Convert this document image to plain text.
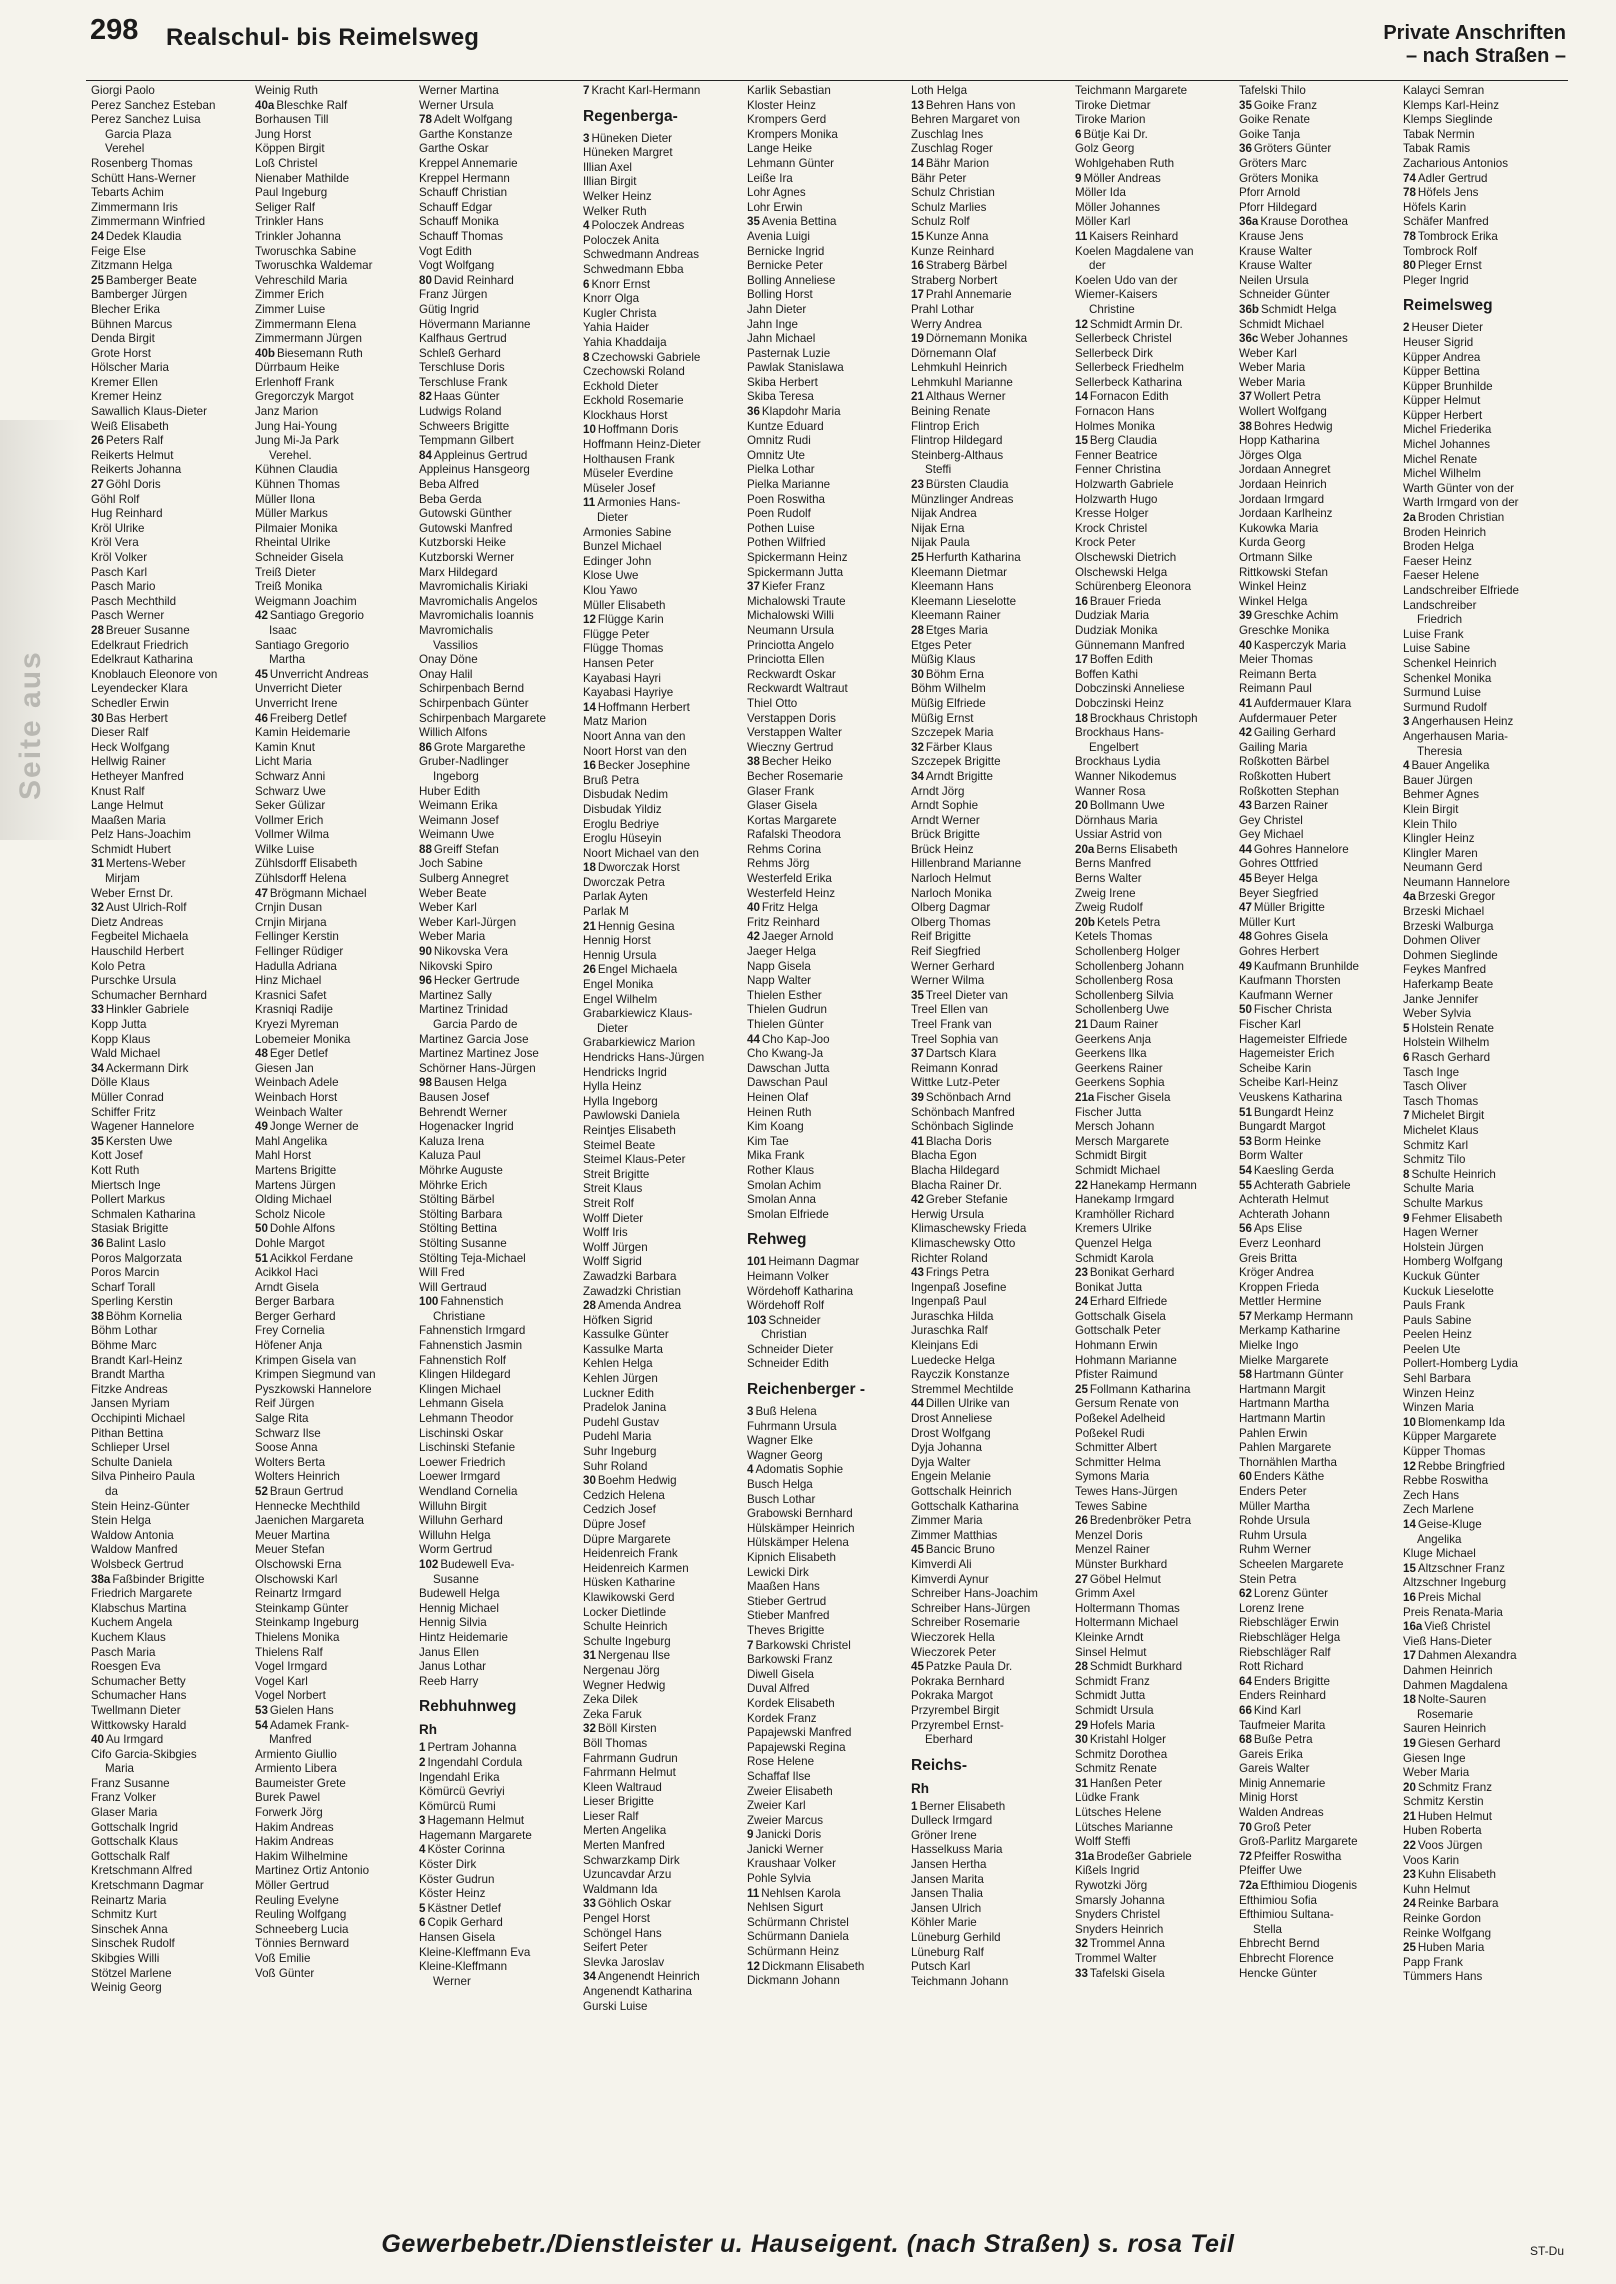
Seite aus
298 Realschul- bis Reimelsweg	Private Anschriften
– nach Straßen –
Giorgi Paolo
Perez Sanchez Esteban
Perez Sanchez Luisa
Garcia Plaza
Verehel
Rosenberg Thomas
Schütt Hans-Werner
Tebarts Achim
Zimmermann Iris
Zimmermann Winfried
24 Dedek Klaudia
Feige Else
Zitzmann Helga
25 Bamberger Beate
Bamberger Jürgen
Blecher Erika
Bühnen Marcus
Denda Birgit
Grote Horst
Hölscher Maria
Kremer Ellen
Kremer Heinz
Sawallich Klaus-Dieter
Weiß Elisabeth
26 Peters Ralf
Reikerts Helmut
Reikerts Johanna
27 Göhl Doris
Göhl Rolf
Hug Reinhard
Kröl Ulrike
Kröl Vera
Kröl Volker
Pasch Karl
Pasch Mario
Pasch Mechthild
Pasch Werner
28 Breuer Susanne
Edelkraut Friedrich
Edelkraut Katharina
Knoblauch Eleonore von
Leyendecker Klara
Schedler Erwin
30 Bas Herbert
Dieser Ralf
Heck Wolfgang
Hellwig Rainer
Hetheyer Manfred
Knust Ralf
Lange Helmut
Maaßen Maria
Pelz Hans-Joachim
Schmidt Hubert
31 Mertens-Weber
Mirjam
Weber Ernst Dr.
32 Aust Ulrich-Rolf
Dietz Andreas
Fegbeitel Michaela
Hauschild Herbert
Kolo Petra
Purschke Ursula
Schumacher Bernhard
33 Hinkler Gabriele
Kopp Jutta
Kopp Klaus
Wald Michael
34 Ackermann Dirk
Dölle Klaus
Müller Conrad
Schiffer Fritz
Wagener Hannelore
35 Kersten Uwe
Kott Josef
Kott Ruth
Miertsch Inge
Pollert Markus
Schmalen Katharina
Stasiak Brigitte
36 Balint Laslo
Poros Malgorzata
Poros Marcin
Scharf Torall
Sperling Kerstin
38 Böhm Kornelia
Böhm Lothar
Böhme Marc
Brandt Karl-Heinz
Brandt Martha
Fitzke Andreas
Jansen Myriam
Occhipinti Michael
Pithan Bettina
Schlieper Ursel
Schulte Daniela
Silva Pinheiro Paula
da
Stein Heinz-Günter
Stein Helga
Waldow Antonia
Waldow Manfred
Wolsbeck Gertrud
38a Faßbinder Brigitte
Friedrich Margarete
Klabschus Martina
Kuchem Angela
Kuchem Klaus
Pasch Maria
Roesgen Eva
Schumacher Betty
Schumacher Hans
Twellmann Dieter
Wittkowsky Harald
40 Au Irmgard
Cifo Garcia-Skibgies
Maria
Franz Susanne
Franz Volker
Glaser Maria
Gottschalk Ingrid
Gottschalk Klaus
Gottschalk Ralf
Kretschmann Alfred
Kretschmann Dagmar
Reinartz Maria
Schmitz Kurt
Sinschek Anna
Sinschek Rudolf
Skibgies Willi
Stötzel Marlene
Weinig Georg
Weinig Ruth
40a Bleschke Ralf
Borhausen Till
Jung Horst
Köppen Birgit
Loß Christel
Nienaber Mathilde
Paul Ingeburg
Seliger Ralf
Trinkler Hans
Trinkler Johanna
Tworuschka Sabine
Tworuschka Waldemar
Vehreschild Maria
Zimmer Erich
Zimmer Luise
Zimmermann Elena
Zimmermann Jürgen
40b Biesemann Ruth
Dürrbaum Heike
Erlenhoff Frank
Gregorczyk Margot
Janz Marion
Jung Hai-Young
Jung Mi-Ja Park
Verehel.
Kühnen Claudia
Kühnen Thomas
Müller Ilona
Müller Markus
Pilmaier Monika
Rheintal Ulrike
Schneider Gisela
Treiß Dieter
Treiß Monika
Weigmann Joachim
42 Santiago Gregorio
Isaac
Santiago Gregorio
Martha
45 Unverricht Andreas
Unverricht Dieter
Unverricht Irene
46 Freiberg Detlef
Kamin Heidemarie
Kamin Knut
Licht Maria
Schwarz Anni
Schwarz Uwe
Seker Gülizar
Vollmer Erich
Vollmer Wilma
Wilke Luise
Zühlsdorff Elisabeth
Zühlsdorff Helena
47 Brögmann Michael
Crnjin Dusan
Crnjin Mirjana
Fellinger Kerstin
Fellinger Rüdiger
Hadulla Adriana
Hinz Michael
Krasnici Safet
Krasniqi Radije
Kryezi Myreman
Lobemeier Monika
48 Eger Detlef
Giesen Jan
Weinbach Adele
Weinbach Horst
Weinbach Walter
49 Jonge Werner de
Mahl Angelika
Mahl Horst
Martens Brigitte
Martens Jürgen
Olding Michael
Scholz Nicole
50 Dohle Alfons
Dohle Margot
51 Acikkol Ferdane
Acikkol Haci
Arndt Gisela
Berger Barbara
Berger Gerhard
Frey Cornelia
Höfener Anja
Krimpen Gisela van
Krimpen Siegmund van
Pyszkowski Hannelore
Reif Jürgen
Salge Rita
Schwarz Ilse
Soose Anna
Wolters Berta
Wolters Heinrich
52 Braun Gertrud
Hennecke Mechthild
Jaenichen Margareta
Meuer Martina
Meuer Stefan
Olschowski Erna
Olschowski Karl
Reinartz Irmgard
Steinkamp Günter
Steinkamp Ingeburg
Thielens Monika
Thielens Ralf
Vogel Irmgard
Vogel Karl
Vogel Norbert
53 Gielen Hans
54 Adamek Frank-
Manfred
Armiento Giullio
Armiento Libera
Baumeister Grete
Burek Pawel
Forwerk Jörg
Hakim Andreas
Hakim Andreas
Hakim Wilhelmine
Martinez Ortiz Antonio
Möller Gertrud
Reuling Evelyne
Reuling Wolfgang
Schneeberg Lucia
Tönnies Bernward
Voß Emilie
Voß Günter
Werner Martina
Werner Ursula
78 Adelt Wolfgang
Garthe Konstanze
Garthe Oskar
Kreppel Annemarie
Kreppel Hermann
Schauff Christian
Schauff Edgar
Schauff Monika
Schauff Thomas
Vogt Edith
Vogt Wolfgang
80 David Reinhard
Franz Jürgen
Gütig Ingrid
Hövermann Marianne
Kalfhaus Gertrud
Schleß Gerhard
Terschluse Doris
Terschluse Frank
82 Haas Günter
Ludwigs Roland
Schweers Brigitte
Tempmann Gilbert
84 Appleinus Gertrud
Appleinus Hansgeorg
Beba Alfred
Beba Gerda
Gutowski Günther
Gutowski Manfred
Kutzborski Heike
Kutzborski Werner
Marx Hildegard
Mavromichalis Kiriaki
Mavromichalis Angelos
Mavromichalis Ioannis
Mavromichalis
Vassilios
Onay Döne
Onay Halil
Schirpenbach Bernd
Schirpenbach Günter
Schirpenbach Margarete
Willich Alfons
86 Grote Margarethe
Gruber-Nadlinger
Ingeborg
Huber Edith
Weimann Erika
Weimann Josef
Weimann Uwe
88 Greiff Stefan
Joch Sabine
Sulberg Annegret
Weber Beate
Weber Karl
Weber Karl-Jürgen
Weber Maria
90 Nikovska Vera
Nikovski Spiro
96 Hecker Gertrude
Martinez Sally
Martinez Trinidad
Garcia Pardo de
Martinez Garcia Jose
Martinez Martinez Jose
Schörner Hans-Jürgen
98 Bausen Helga
Bausen Josef
Behrendt Werner
Hogenacker Ingrid
Kaluza Irena
Kaluza Paul
Möhrke Auguste
Möhrke Erich
Stölting Bärbel
Stölting Barbara
Stölting Bettina
Stölting Susanne
Stölting Teja-Michael
Will Fred
Will Gertraud
100 Fahnenstich
Christiane
Fahnenstich Irmgard
Fahnenstich Jasmin
Fahnenstich Rolf
Klingen Hildegard
Klingen Michael
Lehmann Gisela
Lehmann Theodor
Lischinski Oskar
Lischinski Stefanie
Loewer Friedrich
Loewer Irmgard
Wendland Cornelia
Willuhn Birgit
Willuhn Gerhard
Willuhn Helga
Worm Gertrud
102 Budewell Eva-
Susanne
Budewell Helga
Hennig Michael
Hennig Silvia
Hintz Heidemarie
Janus Ellen
Janus Lothar
Reeb Harry
Rebhuhnweg
Rh
1 Pertram Johanna
2 Ingendahl Cordula
Ingendahl Erika
Kömürcü Gevriyi
Kömürcü Rumi
3 Hagemann Helmut
Hagemann Margarete
4 Köster Corinna
Köster Dirk
Köster Gudrun
Köster Heinz
5 Kästner Detlef
6 Copik Gerhard
Hansen Gisela
Kleine-Kleffmann Eva
Kleine-Kleffmann
Werner
7 Kracht Karl-Hermann
Regenberga-
3 Hüneken Dieter
Hüneken Margret
Illian Axel
Illian Birgit
Welker Heinz
Welker Ruth
4 Poloczek Andreas
Poloczek Anita
Schwedmann Andreas
Schwedmann Ebba
6 Knorr Ernst
Knorr Olga
Kugler Christa
Yahia Haider
Yahia Khaddaija
8 Czechowski Gabriele
Czechowski Roland
Eckhold Dieter
Eckhold Rosemarie
Klockhaus Horst
10 Hoffmann Doris
Hoffmann Heinz-Dieter
Holthausen Frank
Müseler Everdine
Müseler Josef
11 Armonies Hans-
Dieter
Armonies Sabine
Bunzel Michael
Edinger John
Klose Uwe
Klou Yawo
Müller Elisabeth
12 Flügge Karin
Flügge Peter
Flügge Thomas
Hansen Peter
Kayabasi Hayri
Kayabasi Hayriye
14 Hoffmann Herbert
Matz Marion
Noort Anna van den
Noort Horst van den
16 Becker Josephine
Bruß Petra
Disbudak Nedim
Disbudak Yildiz
Eroglu Bedriye
Eroglu Hüseyin
Noort Michael van den
18 Dworczak Horst
Dworczak Petra
Parlak Ayten
Parlak M
21 Hennig Gesina
Hennig Horst
Hennig Ursula
26 Engel Michaela
Engel Monika
Engel Wilhelm
Grabarkiewicz Klaus-
Dieter
Grabarkiewicz Marion
Hendricks Hans-Jürgen
Hendricks Ingrid
Hylla Heinz
Hylla Ingeborg
Pawlowski Daniela
Reintjes Elisabeth
Steimel Beate
Steimel Klaus-Peter
Streit Brigitte
Streit Klaus
Streit Rolf
Wolff Dieter
Wolff Iris
Wolff Jürgen
Wolff Sigrid
Zawadzki Barbara
Zawadzki Christian
28 Amenda Andrea
Höfken Sigrid
Kassulke Günter
Kassulke Marta
Kehlen Helga
Kehlen Jürgen
Luckner Edith
Pradelok Janina
Pudehl Gustav
Pudehl Maria
Suhr Ingeburg
Suhr Roland
30 Boehm Hedwig
Cedzich Helena
Cedzich Josef
Düpre Josef
Düpre Margarete
Heidenreich Frank
Heidenreich Karmen
Hüsken Katharine
Klawikowski Gerd
Locker Dietlinde
Schulte Heinrich
Schulte Ingeburg
31 Nergenau Ilse
Nergenau Jörg
Wegner Hedwig
Zeka Dilek
Zeka Faruk
32 Böll Kirsten
Böll Thomas
Fahrmann Gudrun
Fahrmann Helmut
Kleen Waltraud
Lieser Brigitte
Lieser Ralf
Merten Angelika
Merten Manfred
Schwarzkamp Dirk
Uzuncavdar Arzu
Waldmann Ida
33 Göhlich Oskar
Pengel Horst
Schöngel Hans
Seifert Peter
Slevka Jaroslav
34 Angenendt Heinrich
Angenendt Katharina
Gurski Luise
Karlik Sebastian
Kloster Heinz
Krompers Gerd
Krompers Monika
Lange Heike
Lehmann Günter
Leiße Ira
Lohr Agnes
Lohr Erwin
35 Avenia Bettina
Avenia Luigi
Bernicke Ingrid
Bernicke Peter
Bolling Anneliese
Bolling Horst
Jahn Dieter
Jahn Inge
Jahn Michael
Pasternak Luzie
Pawlak Stanislawa
Skiba Herbert
Skiba Teresa
36 Klapdohr Maria
Kuntze Eduard
Omnitz Rudi
Omnitz Ute
Pielka Lothar
Pielka Marianne
Poen Roswitha
Poen Rudolf
Pothen Luise
Pothen Wilfried
Spickermann Heinz
Spickermann Jutta
37 Kiefer Franz
Michalowski Traute
Michalowski Willi
Neumann Ursula
Princiotta Angelo
Princiotta Ellen
Reckwardt Oskar
Reckwardt Waltraut
Thiel Otto
Verstappen Doris
Verstappen Walter
Wieczny Gertrud
38 Becher Heiko
Becher Rosemarie
Glaser Frank
Glaser Gisela
Kortas Margarete
Rafalski Theodora
Rehms Corina
Rehms Jörg
Westerfeld Erika
Westerfeld Heinz
40 Fritz Helga
Fritz Reinhard
42 Jaeger Arnold
Jaeger Helga
Napp Gisela
Napp Walter
Thielen Esther
Thielen Gudrun
Thielen Günter
44 Cho Kap-Joo
Cho Kwang-Ja
Dawschan Jutta
Dawschan Paul
Heinen Olaf
Heinen Ruth
Kim Koang
Kim Tae
Mika Frank
Rother Klaus
Smolan Achim
Smolan Anna
Smolan Elfriede
Rehweg
101 Heimann Dagmar
Heimann Volker
Wördehoff Katharina
Wördehoff Rolf
103 Schneider
Christian
Schneider Dieter
Schneider Edith
Reichenberger -
3 Buß Helena
Fuhrmann Ursula
Wagner Elke
Wagner Georg
4 Adomatis Sophie
Busch Helga
Busch Lothar
Grabowski Bernhard
Hülskämper Heinrich
Hülskämper Helena
Kipnich Elisabeth
Lewicki Dirk
Maaßen Hans
Stieber Gertrud
Stieber Manfred
Theves Brigitte
7 Barkowski Christel
Barkowski Franz
Diwell Gisela
Duval Alfred
Kordek Elisabeth
Kordek Franz
Papajewski Manfred
Papajewski Regina
Rose Helene
Schaffaf Ilse
Zweier Elisabeth
Zweier Karl
Zweier Marcus
9 Janicki Doris
Janicki Werner
Kraushaar Volker
Pohle Sylvia
11 Nehlsen Karola
Nehlsen Sigurt
Schürmann Christel
Schürmann Daniela
Schürmann Heinz
12 Dickmann Elisabeth
Dickmann Johann
Loth Helga
13 Behren Hans von
Behren Margaret von
Zuschlag Ines
Zuschlag Roger
14 Bähr Marion
Bähr Peter
Schulz Christian
Schulz Marlies
Schulz Rolf
15 Kunze Anna
Kunze Reinhard
16 Straberg Bärbel
Straberg Norbert
17 Prahl Annemarie
Prahl Lothar
Werry Andrea
19 Dörnemann Monika
Dörnemann Olaf
Lehmkuhl Heinrich
Lehmkuhl Marianne
21 Althaus Werner
Beining Renate
Flintrop Erich
Flintrop Hildegard
Steinberg-Althaus
Steffi
23 Bürsten Claudia
Münzlinger Andreas
Nijak Andrea
Nijak Erna
Nijak Paula
25 Herfurth Katharina
Kleemann Dietmar
Kleemann Hans
Kleemann Lieselotte
Kleemann Rainer
28 Etges Maria
Etges Peter
Müßig Klaus
30 Böhm Erna
Böhm Wilhelm
Müßig Elfriede
Müßig Ernst
Szczepek Maria
32 Färber Klaus
Szczepek Brigitte
34 Arndt Brigitte
Arndt Jörg
Arndt Sophie
Arndt Werner
Brück Brigitte
Brück Heinz
Hillenbrand Marianne
Narloch Helmut
Narloch Monika
Olberg Dagmar
Olberg Thomas
Reif Brigitte
Reif Siegfried
Werner Gerhard
Werner Wilma
35 Treel Dieter van
Treel Ellen van
Treel Frank van
Treel Sophia van
37 Dartsch Klara
Reimann Konrad
Wittke Lutz-Peter
39 Schönbach Arnd
Schönbach Manfred
Schönbach Siglinde
41 Blacha Doris
Blacha Egon
Blacha Hildegard
Blacha Rainer Dr.
42 Greber Stefanie
Herwig Ursula
Klimaschewsky Frieda
Klimaschewsky Otto
Richter Roland
43 Frings Petra
Ingenpaß Josefine
Ingenpaß Paul
Juraschka Hilda
Juraschka Ralf
Kleinjans Edi
Luedecke Helga
Rayczik Konstanze
Stremmel Mechtilde
44 Dillen Ulrike van
Drost Anneliese
Drost Wolfgang
Dyja Johanna
Dyja Walter
Engein Melanie
Gottschalk Heinrich
Gottschalk Katharina
Zimmer Maria
Zimmer Matthias
45 Bancic Bruno
Kimverdi Ali
Kimverdi Aynur
Schreiber Hans-Joachim
Schreiber Hans-Jürgen
Schreiber Rosemarie
Wieczorek Hella
Wieczorek Peter
45 Patzke Paula Dr.
Pokraka Bernhard
Pokraka Margot
Przyrembel Birgit
Przyrembel Ernst-
Eberhard
Reichs-
Rh
1 Berner Elisabeth
Dulleck Irmgard
Gröner Irene
Hasselkuss Maria
Jansen Hertha
Jansen Marita
Jansen Thalia
Jansen Ulrich
Köhler Marie
Lüneburg Gerhild
Lüneburg Ralf
Putsch Karl
Teichmann Johann
Teichmann Margarete
Tiroke Dietmar
Tiroke Marion
6 Bütje Kai Dr.
Golz Georg
Wohlgehaben Ruth
9 Möller Andreas
Möller Ida
Möller Johannes
Möller Karl
11 Kaisers Reinhard
Koelen Magdalene van
der
Koelen Udo van der
Wiemer-Kaisers
Christine
12 Schmidt Armin Dr.
Sellerbeck Christel
Sellerbeck Dirk
Sellerbeck Friedhelm
Sellerbeck Katharina
14 Fornacon Edith
Fornacon Hans
Holmes Monika
15 Berg Claudia
Fenner Beatrice
Fenner Christina
Holzwarth Gabriele
Holzwarth Hugo
Kresse Holger
Krock Christel
Krock Peter
Olschewski Dietrich
Olschewski Helga
Schürenberg Eleonora
16 Brauer Frieda
Dudziak Maria
Dudziak Monika
Günnemann Manfred
17 Boffen Edith
Boffen Kathi
Dobczinski Anneliese
Dobczinski Heinz
18 Brockhaus Christoph
Brockhaus Hans-
Engelbert
Brockhaus Lydia
Wanner Nikodemus
Wanner Rosa
20 Bollmann Uwe
Dörnhaus Maria
Ussiar Astrid von
20a Berns Elisabeth
Berns Manfred
Berns Walter
Zweig Irene
Zweig Rudolf
20b Ketels Petra
Ketels Thomas
Schollenberg Holger
Schollenberg Johann
Schollenberg Rosa
Schollenberg Silvia
Schollenberg Uwe
21 Daum Rainer
Geerkens Anja
Geerkens Ilka
Geerkens Rainer
Geerkens Sophia
21a Fischer Gisela
Fischer Jutta
Mersch Johann
Mersch Margarete
Schmidt Birgit
Schmidt Michael
22 Hanekamp Hermann
Hanekamp Irmgard
Kramhöller Richard
Kremers Ulrike
Quenzel Helga
Schmidt Karola
23 Bonikat Gerhard
Bonikat Jutta
24 Erhard Elfriede
Gottschalk Gisela
Gottschalk Peter
Hohmann Erwin
Hohmann Marianne
Pfister Raimund
25 Follmann Katharina
Gersum Renate von
Poßekel Adelheid
Poßekel Rudi
Schmitter Albert
Schmitter Helma
Symons Maria
Tewes Hans-Jürgen
Tewes Sabine
26 Bredenbröker Petra
Menzel Doris
Menzel Rainer
Münster Burkhard
27 Göbel Helmut
Grimm Axel
Holtermann Thomas
Holtermann Michael
Kleinke Arndt
Sinsel Helmut
28 Schmidt Burkhard
Schmidt Franz
Schmidt Jutta
Schmidt Ursula
29 Hofels Maria
30 Kristahl Holger
Schmitz Dorothea
Schmitz Renate
31 Hanßen Peter
Lüdke Frank
Lütsches Helene
Lütsches Marianne
Wolff Steffi
31a Brodeßer Gabriele
Kißels Ingrid
Rywotzki Jörg
Smarsly Johanna
Snyders Christel
Snyders Heinrich
32 Trommel Anna
Trommel Walter
33 Tafelski Gisela
Tafelski Thilo
35 Goike Franz
Goike Renate
Goike Tanja
36 Gröters Günter
Gröters Marc
Gröters Monika
Pforr Arnold
Pforr Hildegard
36a Krause Dorothea
Krause Jens
Krause Walter
Krause Walter
Neilen Ursula
Schneider Günter
36b Schmidt Helga
Schmidt Michael
36c Weber Johannes
Weber Karl
Weber Maria
Weber Maria
37 Wollert Petra
Wollert Wolfgang
38 Bohres Hedwig
Hopp Katharina
Jörges Olga
Jordaan Annegret
Jordaan Heinrich
Jordaan Irmgard
Jordaan Karlheinz
Kukowka Maria
Kurda Georg
Ortmann Silke
Rittkowski Stefan
Winkel Heinz
Winkel Helga
39 Greschke Achim
Greschke Monika
40 Kasperczyk Maria
Meier Thomas
Reimann Berta
Reimann Paul
41 Aufdermauer Klara
Aufdermauer Peter
42 Gailing Gerhard
Gailing Maria
Roßkotten Bärbel
Roßkotten Hubert
Roßkotten Stephan
43 Barzen Rainer
Gey Christel
Gey Michael
44 Gohres Hannelore
Gohres Ottfried
45 Beyer Helga
Beyer Siegfried
47 Müller Brigitte
Müller Kurt
48 Gohres Gisela
Gohres Herbert
49 Kaufmann Brunhilde
Kaufmann Thorsten
Kaufmann Werner
50 Fischer Christa
Fischer Karl
Hagemeister Elfriede
Hagemeister Erich
Scheibe Karin
Scheibe Karl-Heinz
Veuskens Katharina
51 Bungardt Heinz
Bungardt Margot
53 Borm Heinke
Borm Walter
54 Kaesling Gerda
55 Achterath Gabriele
Achterath Helmut
Achterath Johann
56 Aps Elise
Everz Leonhard
Greis Britta
Kröger Andrea
Kroppen Frieda
Mettler Hermine
57 Merkamp Hermann
Merkamp Katharine
Mielke Ingo
Mielke Margarete
58 Hartmann Günter
Hartmann Margit
Hartmann Martha
Hartmann Martin
Pahlen Erwin
Pahlen Margarete
Thornählen Martha
60 Enders Käthe
Enders Peter
Müller Martha
Rohde Ursula
Ruhm Ursula
Ruhm Werner
Scheelen Margarete
Stein Petra
62 Lorenz Günter
Lorenz Irene
Riebschläger Erwin
Riebschläger Helga
Riebschläger Ralf
Rott Richard
64 Enders Brigitte
Enders Reinhard
66 Kind Karl
Taufmeier Marita
68 Buße Petra
Gareis Erika
Gareis Walter
Minig Annemarie
Minig Horst
Walden Andreas
70 Groß Peter
Groß-Parlitz Margarete
72 Pfeiffer Roswitha
Pfeiffer Uwe
72a Efthimiou Diogenis
Efthimiou Sofia
Efthimiou Sultana-
Stella
Ehbrecht Bernd
Ehbrecht Florence
Hencke Günter
Kalayci Semran
Klemps Karl-Heinz
Klemps Sieglinde
Tabak Nermin
Tabak Ramis
Zacharious Antonios
74 Adler Gertrud
78 Höfels Jens
Höfels Karin
Schäfer Manfred
78 Tombrock Erika
Tombrock Rolf
80 Pleger Ernst
Pleger Ingrid
Reimelsweg
2 Heuser Dieter
Heuser Sigrid
Küpper Andrea
Küpper Bettina
Küpper Brunhilde
Küpper Helmut
Küpper Herbert
Michel Friederika
Michel Johannes
Michel Renate
Michel Wilhelm
Warth Günter von der
Warth Irmgard von der
2a Broden Christian
Broden Heinrich
Broden Helga
Faeser Heinz
Faeser Helene
Landschreiber Elfriede
Landschreiber
Friedrich
Luise Frank
Luise Sabine
Schenkel Heinrich
Schenkel Monika
Surmund Luise
Surmund Rudolf
3 Angerhausen Heinz
Angerhausen Maria-
Theresia
4 Bauer Angelika
Bauer Jürgen
Behmer Agnes
Klein Birgit
Klein Thilo
Klingler Heinz
Klingler Maren
Neumann Gerd
Neumann Hannelore
4a Brzeski Gregor
Brzeski Michael
Brzeski Walburga
Dohmen Oliver
Dohmen Sieglinde
Feykes Manfred
Haferkamp Beate
Janke Jennifer
Weber Sylvia
5 Holstein Renate
Holstein Wilhelm
6 Rasch Gerhard
Tasch Inge
Tasch Oliver
Tasch Thomas
7 Michelet Birgit
Michelet Klaus
Schmitz Karl
Schmitz Tilo
8 Schulte Heinrich
Schulte Maria
Schulte Markus
9 Fehmer Elisabeth
Hagen Werner
Holstein Jürgen
Homberg Wolfgang
Kuckuk Günter
Kuckuk Lieselotte
Pauls Frank
Pauls Sabine
Peelen Heinz
Peelen Ute
Pollert-Homberg Lydia
Sehl Barbara
Winzen Heinz
Winzen Maria
10 Blomenkamp Ida
Küpper Margarete
Küpper Thomas
12 Rebbe Bringfried
Rebbe Roswitha
Zech Hans
Zech Marlene
14 Geise-Kluge
Angelika
Kluge Michael
15 Altzschner Franz
Altzschner Ingeburg
16 Preis Michal
Preis Renata-Maria
16a Vieß Christel
Vieß Hans-Dieter
17 Dahmen Alexandra
Dahmen Heinrich
Dahmen Magdalena
18 Nolte-Sauren
Rosemarie
Sauren Heinrich
19 Giesen Gerhard
Giesen Inge
Weber Maria
20 Schmitz Franz
Schmitz Kerstin
21 Huben Helmut
Huben Roberta
22 Voos Jürgen
Voos Karin
23 Kuhn Elisabeth
Kuhn Helmut
24 Reinke Barbara
Reinke Gordon
Reinke Wolfgang
25 Huben Maria
Papp Frank
Tümmers Hans
Gewerbebetr./Dienstleister u. Hauseigent. (nach Straßen) s. rosa Teil	ST-Du
